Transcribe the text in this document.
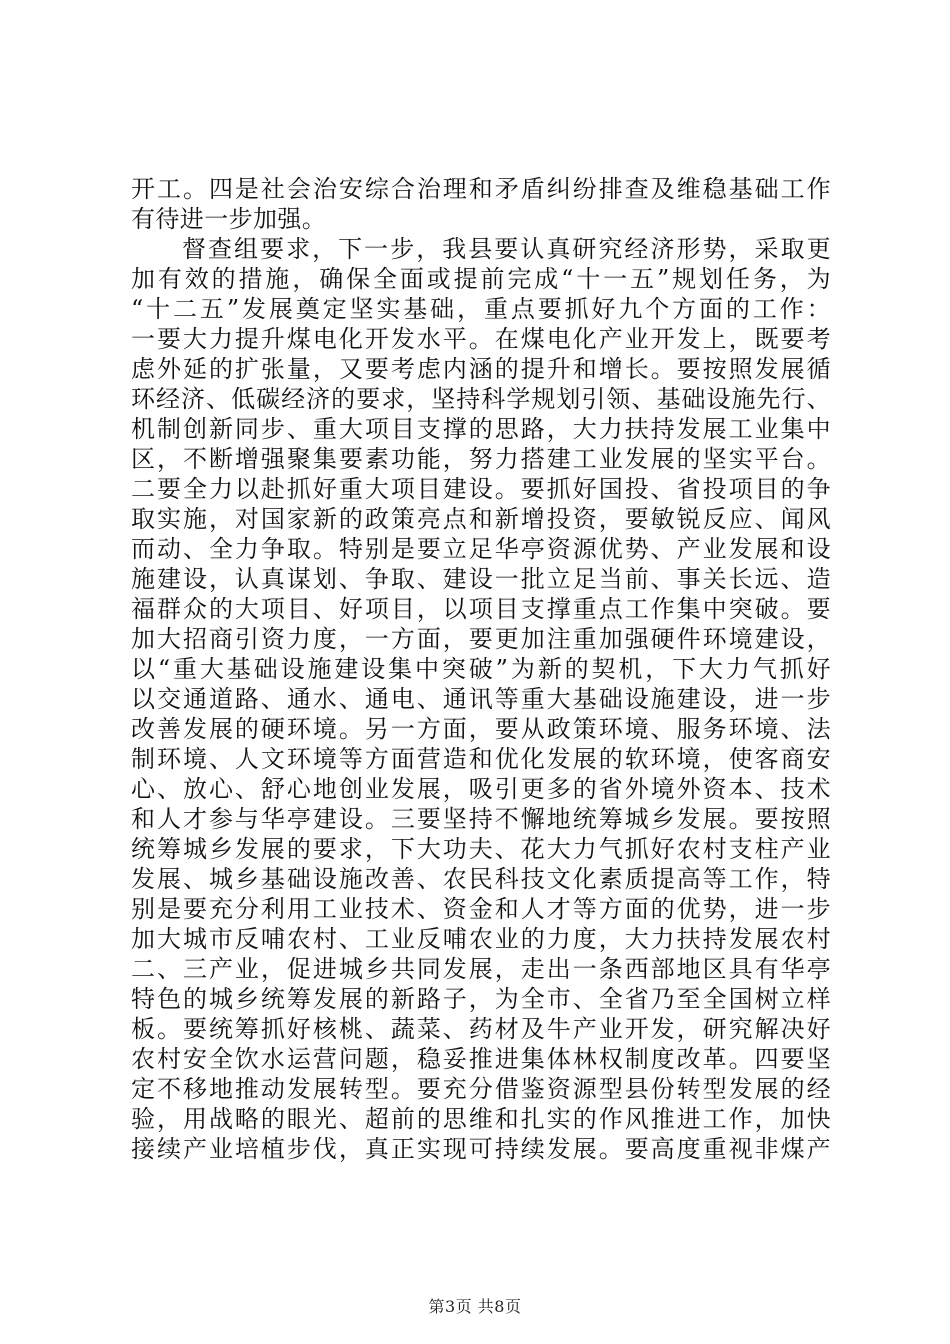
开工。四是社会治安综合治理和矛盾纠纷排查及维稳基础工作
有待进一步加强。
督查组要求，下一步，我县要认真研究经济形势，采取更
加有效的措施，确保全面或提前完成“十一五”规划任务，为
“十二五”发展奠定坚实基础，重点要抓好九个方面的工作：
一要大力提升煤电化开发水平。在煤电化产业开发上，既要考
虑外延的扩张量，又要考虑内涵的提升和增长。要按照发展循
环经济、低碳经济的要求，坚持科学规划引领、基础设施先行、
机制创新同步、重大项目支撑的思路，大力扶持发展工业集中
区，不断增强聚集要素功能，努力搭建工业发展的坚实平台。
二要全力以赴抓好重大项目建设。要抓好国投、省投项目的争
取实施，对国家新的政策亮点和新增投资，要敏锐反应、闻风
而动、全力争取。特别是要立足华亭资源优势、产业发展和设
施建设，认真谋划、争取、建设一批立足当前、事关长远、造
福群众的大项目、好项目，以项目支撑重点工作集中突破。要
加大招商引资力度，一方面，要更加注重加强硬件环境建设，
以“重大基础设施建设集中突破”为新的契机，下大力气抓好
以交通道路、通水、通电、通讯等重大基础设施建设，进一步
改善发展的硬环境。另一方面，要从政策环境、服务环境、法
制环境、人文环境等方面营造和优化发展的软环境，使客商安
心、放心、舒心地创业发展，吸引更多的省外境外资本、技术
和人才参与华亭建设。三要坚持不懈地统筹城乡发展。要按照
统筹城乡发展的要求，下大功夫、花大力气抓好农村支柱产业
发展、城乡基础设施改善、农民科技文化素质提高等工作，特
别是要充分利用工业技术、资金和人才等方面的优势，进一步
加大城市反哺农村、工业反哺农业的力度，大力扶持发展农村
二、三产业，促进城乡共同发展，走出一条西部地区具有华亭
特色的城乡统筹发展的新路子，为全市、全省乃至全国树立样
板。要统筹抓好核桃、蔬菜、药材及牛产业开发，研究解决好
农村安全饮水运营问题，稳妥推进集体林权制度改革。四要坚
定不移地推动发展转型。要充分借鉴资源型县份转型发展的经
验，用战略的眼光、超前的思维和扎实的作风推进工作，加快
接续产业培植步伐，真正实现可持续发展。要高度重视非煤产
第3页 共8页
